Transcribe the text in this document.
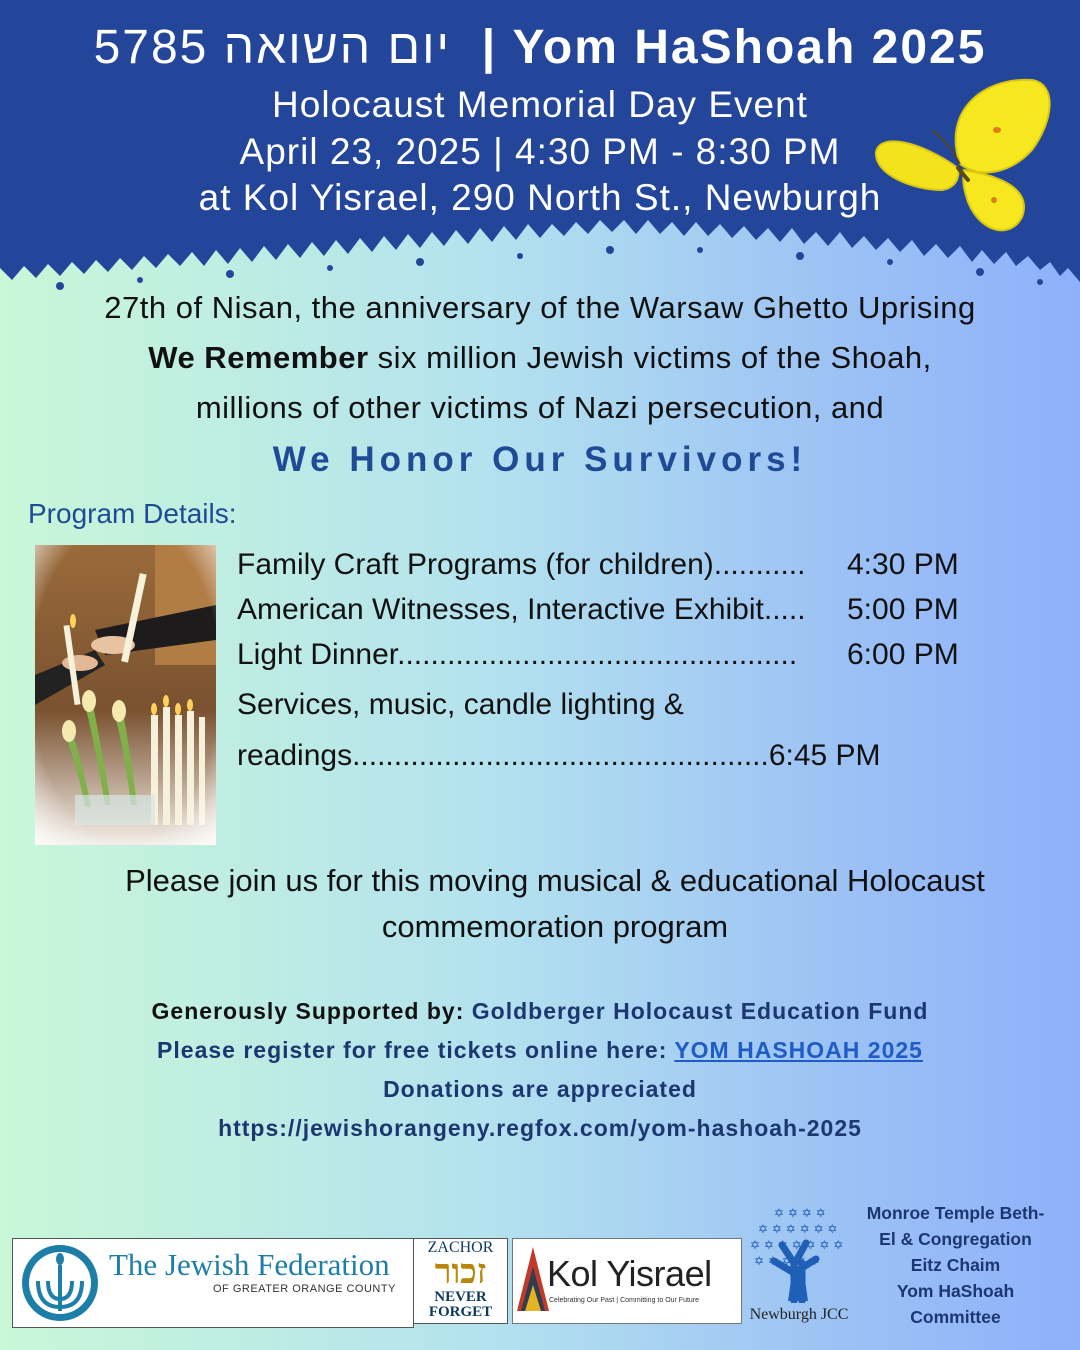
5785 יום השואה | Yom HaShoah 2025
Holocaust Memorial Day Event
April 23, 2025 | 4:30 PM - 8:30 PM
at Kol Yisrael, 290 North St., Newburgh
27th of Nisan, the anniversary of the Warsaw Ghetto Uprising
We Remember six million Jewish victims of the Shoah,
millions of other victims of Nazi persecution, and
We Honor Our Survivors!
Program Details:
Family Craft Programs (for children)........... 4:30 PM
American Witnesses, Interactive Exhibit..... 5:00 PM
Light Dinner................................................ 6:00 PM
Services, music, candle lighting &
readings..................................................6:45 PM
Please join us for this moving musical & educational Holocaust
commemoration program
Generously Supported by: Goldberger Holocaust Education Fund
Please register for free tickets online here: YOM HASHOAH 2025
Donations are appreciated
https://jewishorangeny.regfox.com/yom-hashoah-2025
The Jewish Federation
OF GREATER ORANGE COUNTY
ZACHOR
זכור
NEVER
FORGET
Kol Yisrael
Celebrating Our Past | Committing to Our Future
✡ ✡ ✡ ✡
✡ ✡ ✡ ✡ ✡ ✡
✡ ✡ ✡ ✡ ✡ ✡ ✡
✡ ✡ ✡ ✡ ✡
Newburgh JCC
Monroe Temple Beth-
El & Congregation
Eitz Chaim
Yom HaShoah
Committee
